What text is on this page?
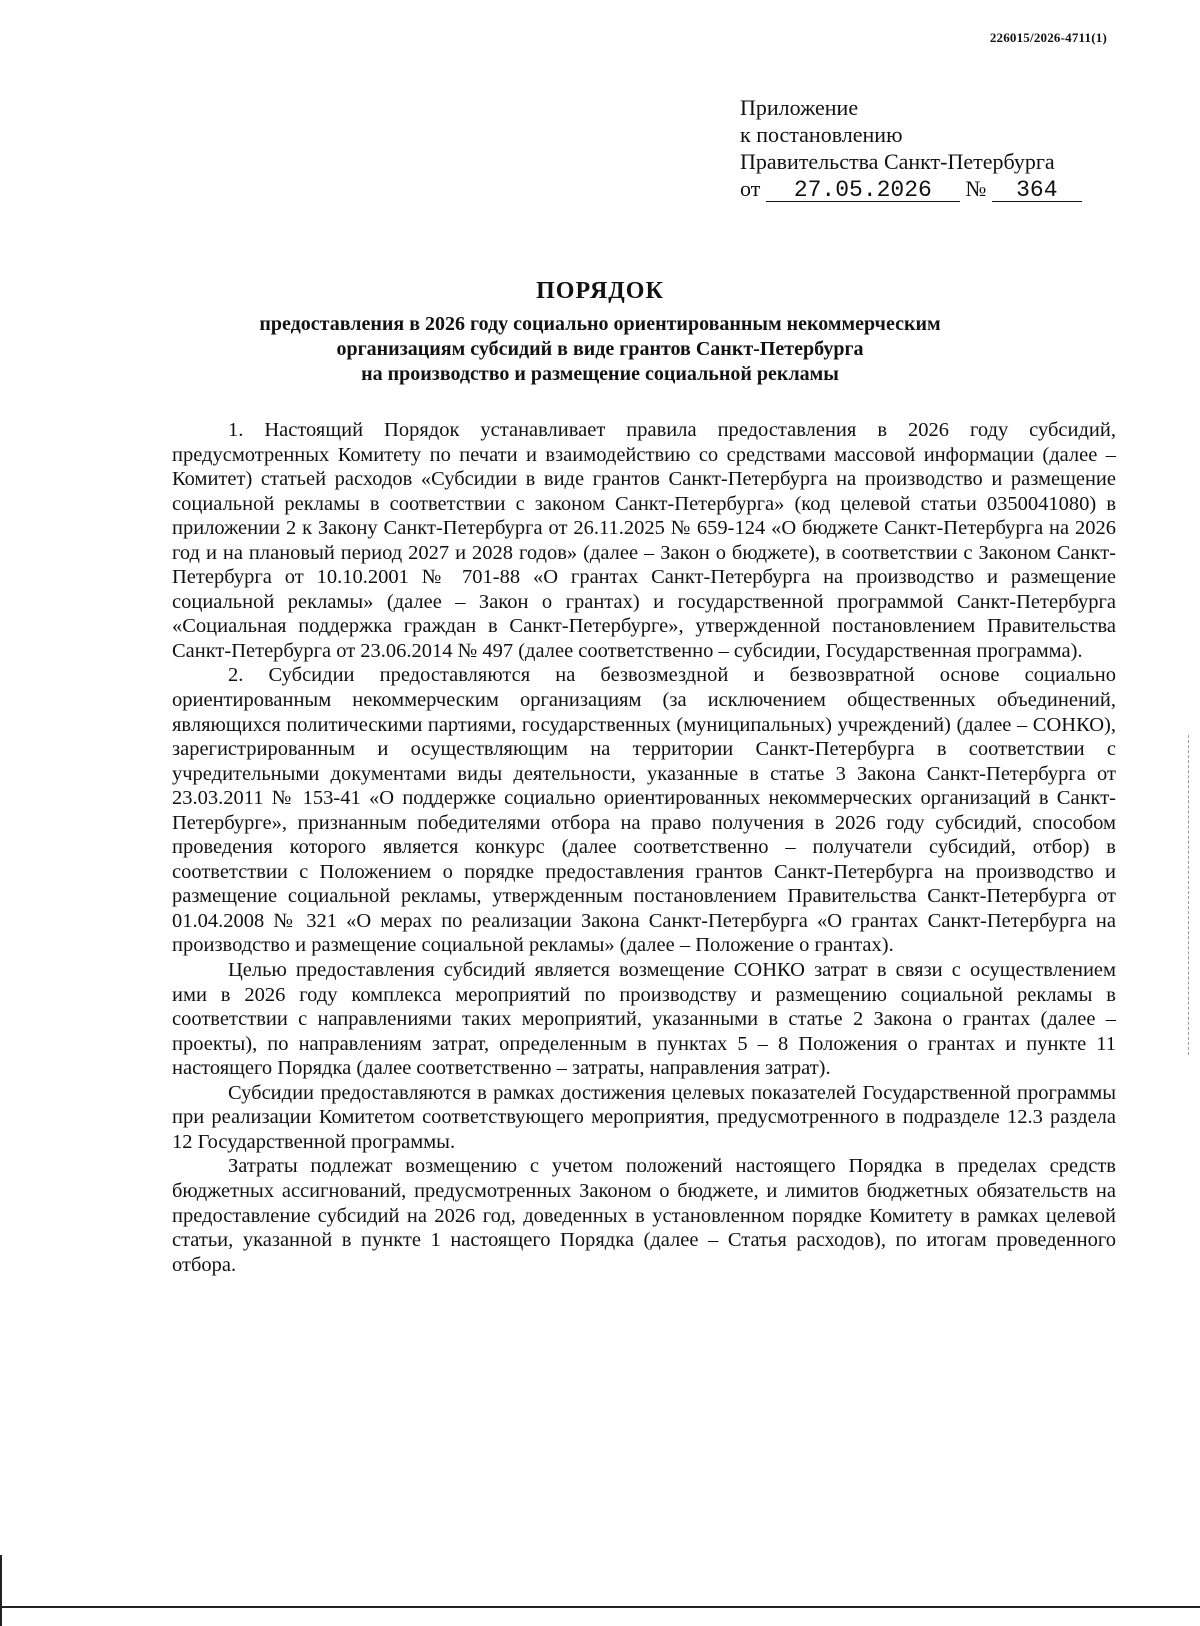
226015/2026-4711(1)
Приложение
к постановлению
Правительства Санкт-Петербурга
от 27.05.2026 № 364
ПОРЯДОК
предоставления в 2026 году социально ориентированным некоммерческим
организациям субсидий в виде грантов Санкт-Петербурга
на производство и размещение социальной рекламы

1. Настоящий Порядок устанавливает правила предоставления в 2026 году субсидий, предусмотренных Комитету по печати и взаимодействию со средствами массовой информации (далее – Комитет) статьей расходов «Субсидии в виде грантов Санкт-Петербурга на производство и размещение социальной рекламы в соответствии с законом Санкт-Петербурга» (код целевой статьи 0350041080) в приложении 2 к Закону Санкт-Петербурга от 26.11.2025 № 659-124 «О бюджете Санкт-Петербурга на 2026 год и на плановый период 2027 и 2028 годов» (далее – Закон о бюджете), в соответствии с Законом Санкт-Петербурга от 10.10.2001 № 701-88 «О грантах Санкт-Петербурга на производство и размещение социальной рекламы» (далее – Закон о грантах) и государственной программой Санкт-Петербурга «Социальная поддержка граждан в Санкт-Петербурге», утвержденной постановлением Правительства Санкт-Петербурга от 23.06.2014 № 497 (далее соответственно – субсидии, Государственная программа).

2. Субсидии предоставляются на безвозмездной и безвозвратной основе социально ориентированным некоммерческим организациям (за исключением общественных объединений, являющихся политическими партиями, государственных (муниципальных) учреждений) (далее – СОНКО), зарегистрированным и осуществляющим на территории Санкт-Петербурга в соответствии с учредительными документами виды деятельности, указанные в статье 3 Закона Санкт-Петербурга от 23.03.2011 № 153-41 «О поддержке социально ориентированных некоммерческих организаций в Санкт-Петербурге», признанным победителями отбора на право получения в 2026 году субсидий, способом проведения которого является конкурс (далее соответственно – получатели субсидий, отбор) в соответствии с Положением о порядке предоставления грантов Санкт-Петербурга на производство и размещение социальной рекламы, утвержденным постановлением Правительства Санкт-Петербурга от 01.04.2008 № 321 «О мерах по реализации Закона Санкт-Петербурга «О грантах Санкт-Петербурга на производство и размещение социальной рекламы» (далее – Положение о грантах).

Целью предоставления субсидий является возмещение СОНКО затрат в связи с осуществлением ими в 2026 году комплекса мероприятий по производству и размещению социальной рекламы в соответствии с направлениями таких мероприятий, указанными в статье 2 Закона о грантах (далее – проекты), по направлениям затрат, определенным в пунктах 5 – 8 Положения о грантах и пункте 11 настоящего Порядка (далее соответственно – затраты, направления затрат).

Субсидии предоставляются в рамках достижения целевых показателей Государственной программы при реализации Комитетом соответствующего мероприятия, предусмотренного в подразделе 12.3 раздела 12 Государственной программы.

Затраты подлежат возмещению с учетом положений настоящего Порядка в пределах средств бюджетных ассигнований, предусмотренных Законом о бюджете, и лимитов бюджетных обязательств на предоставление субсидий на 2026 год, доведенных в установленном порядке Комитету в рамках целевой статьи, указанной в пункте 1 настоящего Порядка (далее – Статья расходов), по итогам проведенного отбора.
